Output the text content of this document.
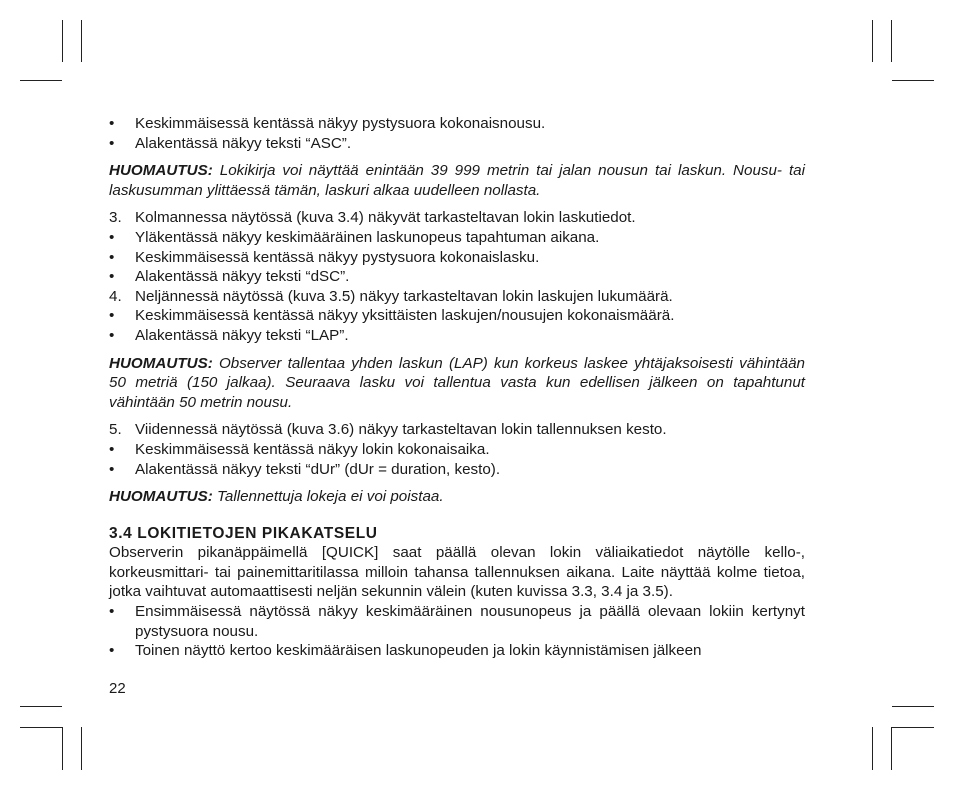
• Keskimmäisessä kentässä näkyy pystysuora kokonaisnousu.
• Alakentässä näkyy teksti “ASC”.
HUOMAUTUS: Lokikirja voi näyttää enintään 39 999 metrin tai jalan nousun tai laskun. Nousu- tai laskusumman ylittäessä tämän, laskuri alkaa uudelleen nollasta.
3. Kolmannessa näytössä (kuva 3.4) näkyvät tarkasteltavan lokin laskutiedot.
• Yläkentässä näkyy keskimääräinen laskunopeus tapahtuman aikana.
• Keskimmäisessä kentässä näkyy pystysuora kokonaislasku.
• Alakentässä näkyy teksti “dSC”.
4. Neljännessä näytössä (kuva 3.5) näkyy tarkasteltavan lokin laskujen lukumäärä.
• Keskimmäisessä kentässä näkyy yksittäisten laskujen/nousujen kokonaismäärä.
• Alakentässä näkyy teksti “LAP”.
HUOMAUTUS: Observer tallentaa yhden laskun (LAP) kun korkeus laskee yhtäjaksoisesti vähintään 50 metriä (150 jalkaa). Seuraava lasku voi tallentua vasta kun edellisen jälkeen on tapahtunut vähintään 50 metrin nousu.
5. Viidennessä näytössä (kuva 3.6) näkyy tarkasteltavan lokin tallennuksen kesto.
• Keskimmäisessä kentässä näkyy lokin kokonaisaika.
• Alakentässä näkyy teksti “dUr” (dUr = duration, kesto).
HUOMAUTUS: Tallennettuja lokeja ei voi poistaa.
3.4 LOKITIETOJEN PIKAKATSELU
Observerin pikanäppäimellä [QUICK] saat päällä olevan lokin väliaikatiedot näytölle kello-, korkeusmittari- tai painemittaritilassa milloin tahansa tallennuksen aikana. Laite näyttää kolme tietoa, jotka vaihtuvat automaattisesti neljän sekunnin välein (kuten kuvissa 3.3, 3.4 ja 3.5).
• Ensimmäisessä näytössä näkyy keskimääräinen nousunopeus ja päällä olevaan lokiin kertynyt pystysuora nousu.
• Toinen näyttö kertoo keskimääräisen laskunopeuden ja lokin käynnistämisen jälkeen
22
